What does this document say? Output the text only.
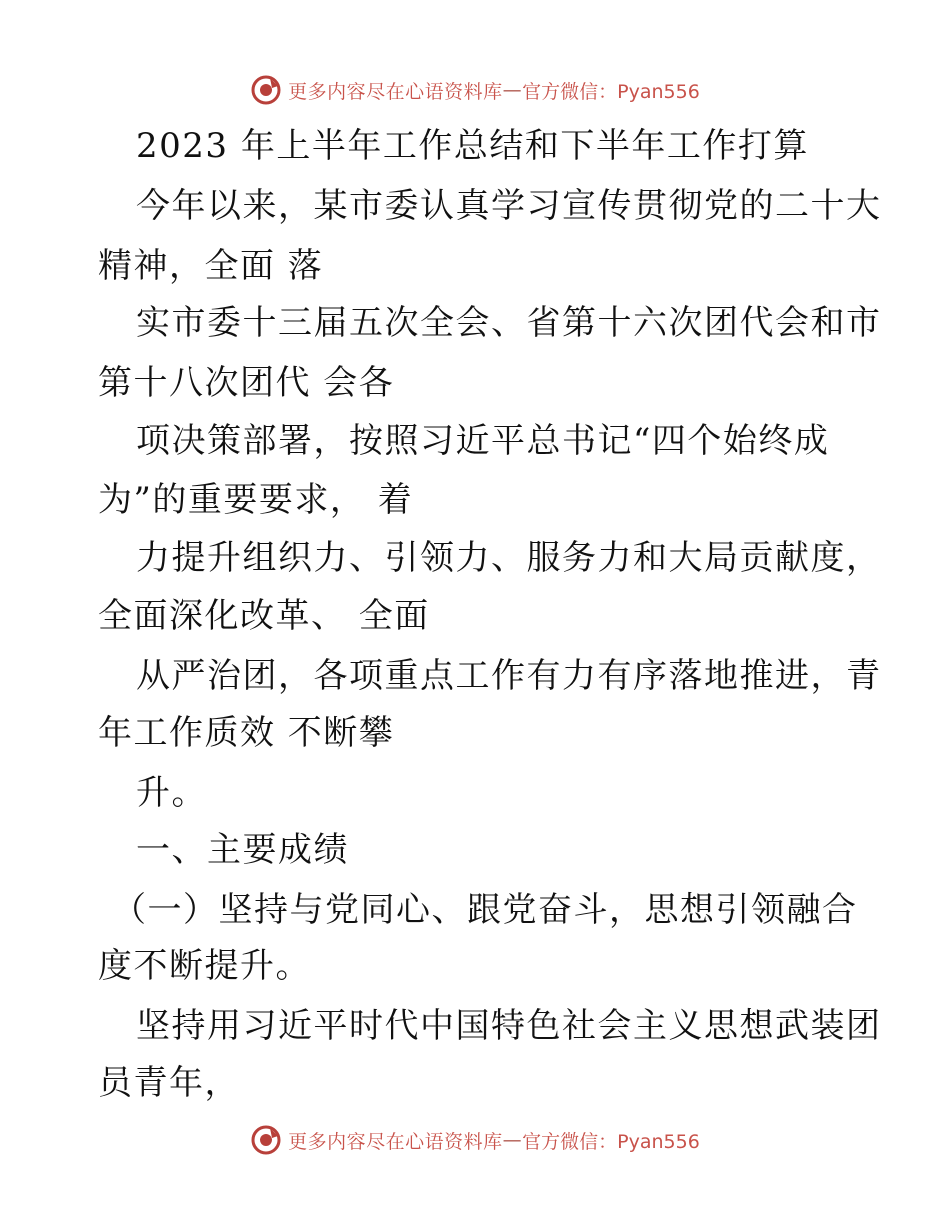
更多内容尽在心语资料库 — 官方微信：Pyan556
2023 年上半年工作总结和下半年工作打算
今年以来，某市委认真学习宣传贯彻党的二十大
精神，全面 落
实市委十三届五次全会、省第十六次团代会和市
第十八次团代 会各
项决策部署，按照习近平总书记“四个始终成
为”的重要要求， 着
力提升组织力、引领力、服务力和大局贡献度，
全面深化改革、 全面
从严治团，各项重点工作有力有序落地推进，青
年工作质效 不断攀
升。
一、主要成绩
（一）坚持与党同心、跟党奋斗，思想引领融合
度不断提升。
坚持用习近平时代中国特色社会主义思想武装团
员青年，
更多内容尽在心语资料库 — 官方微信：Pyan556
